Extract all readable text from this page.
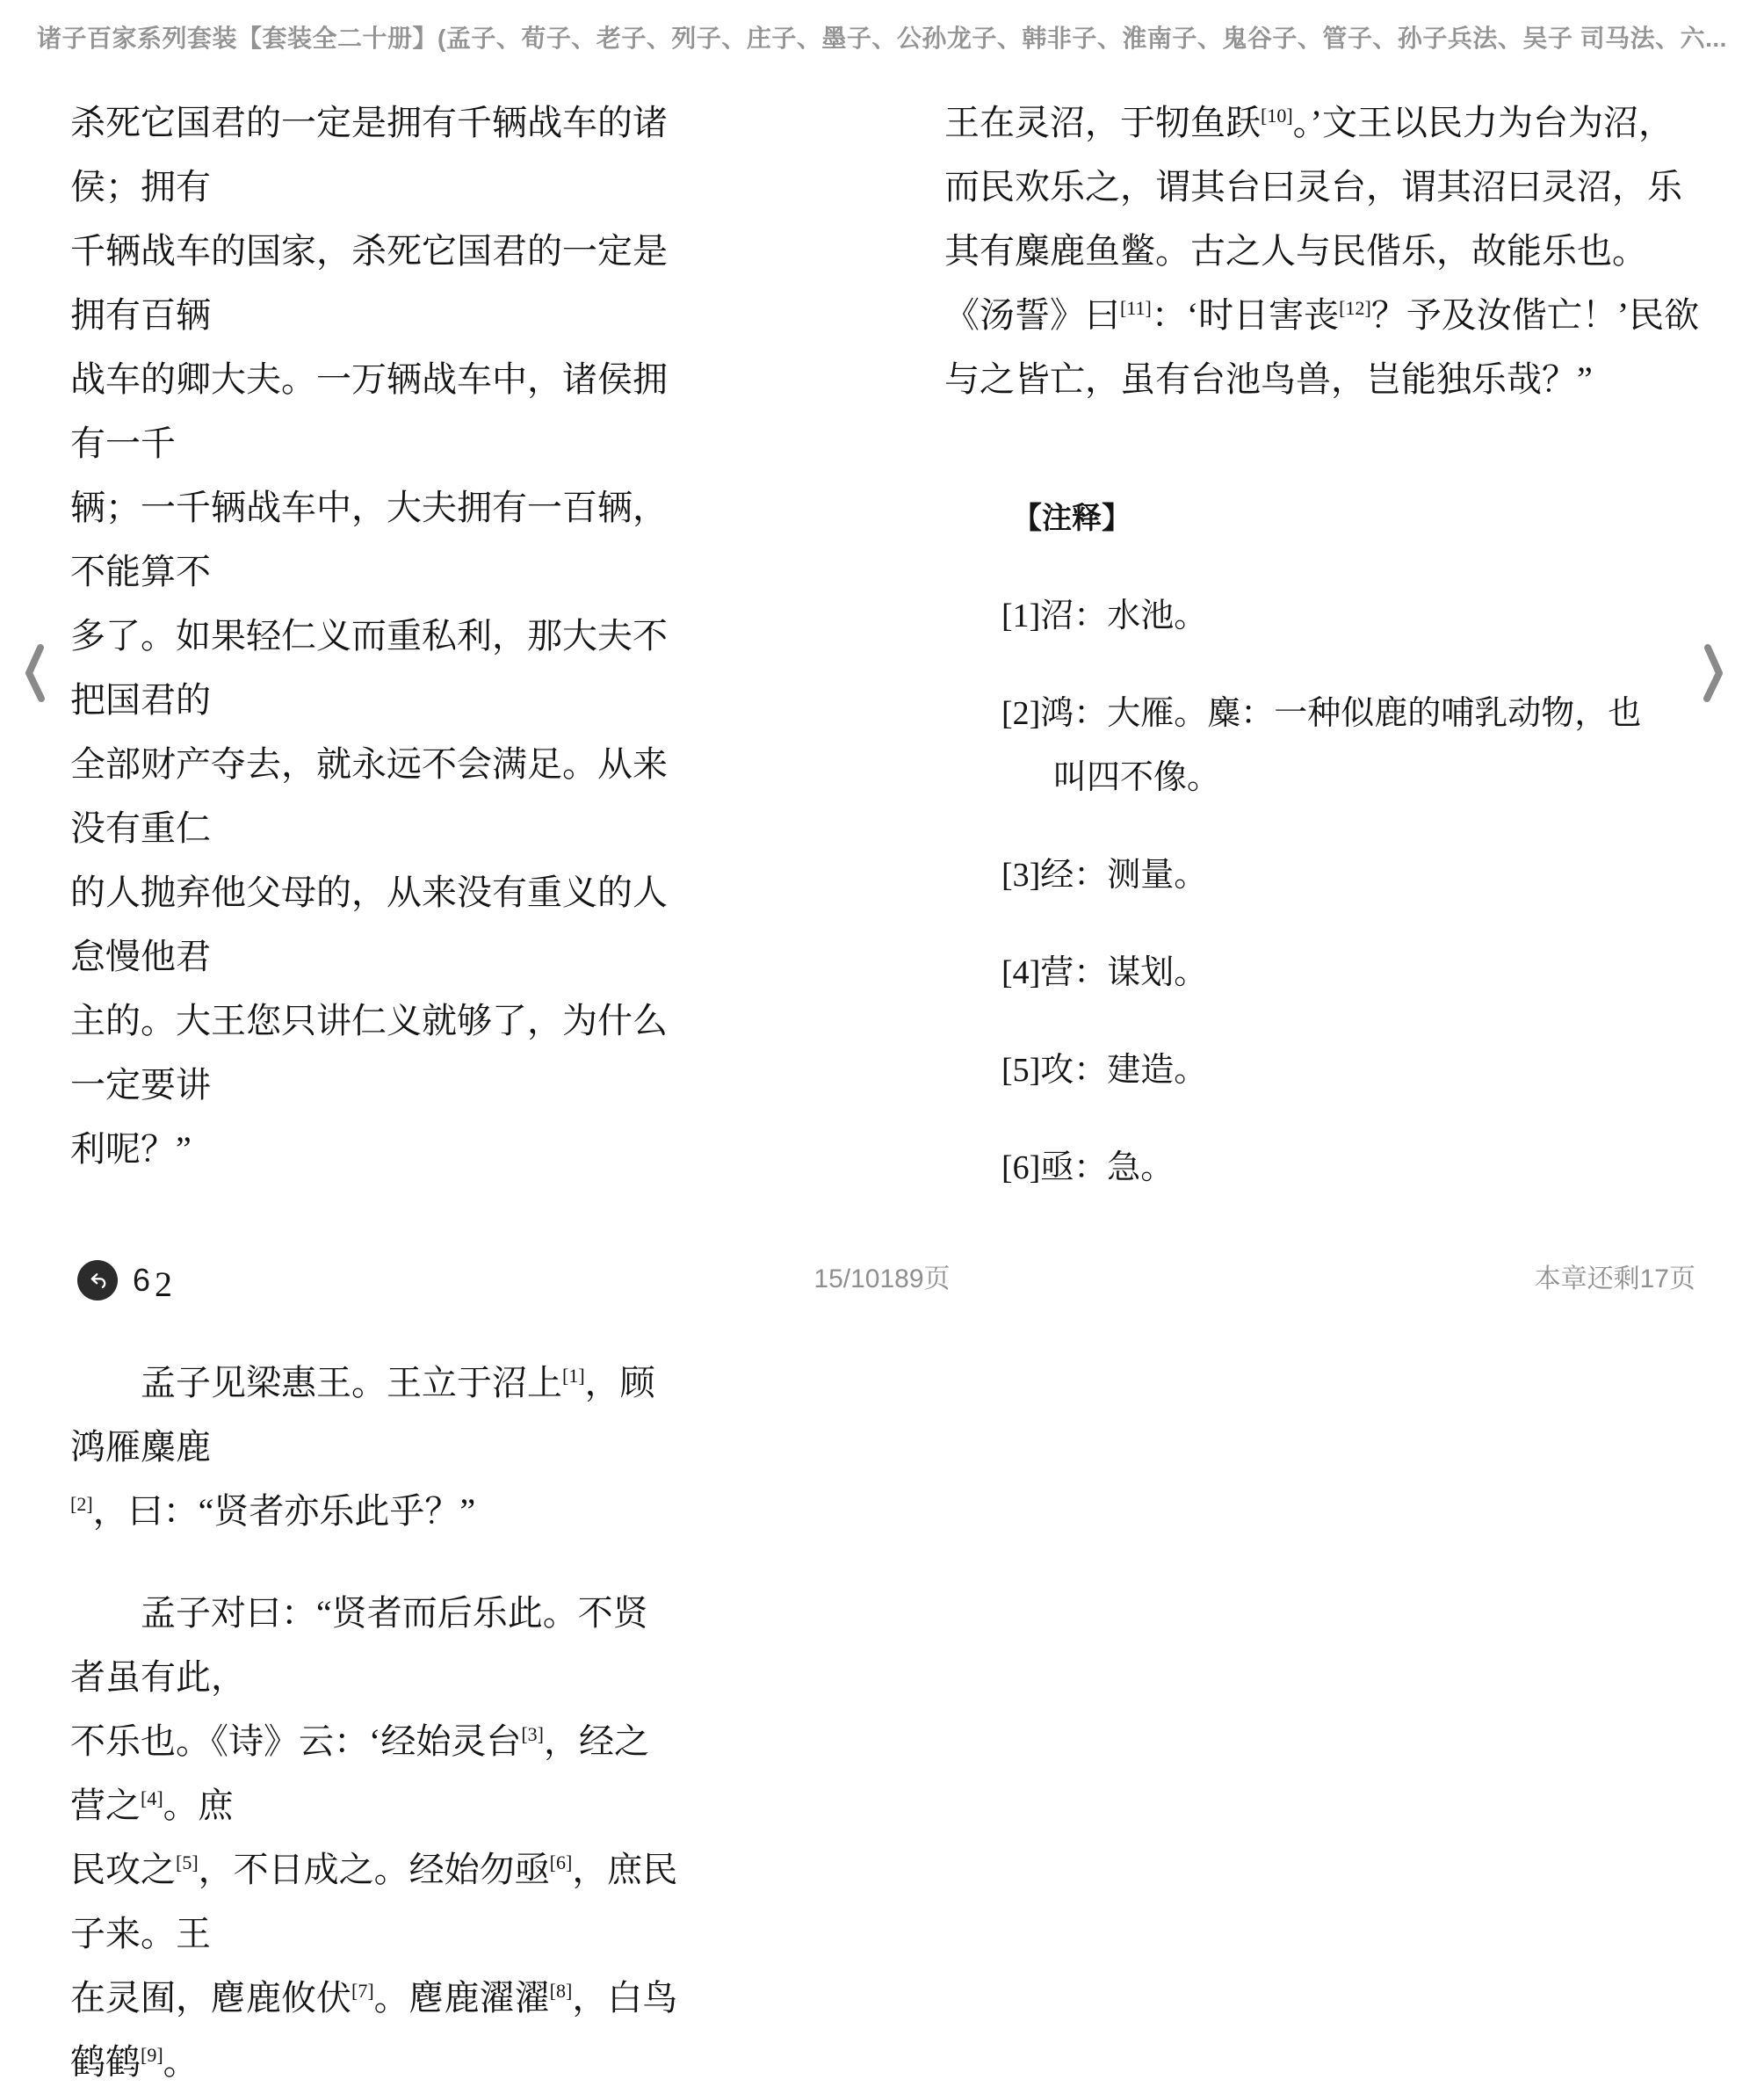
诸子百家系列套装【套装全二十册】(孟子、荀子、老子、列子、庄子、墨子、公孙龙子、韩非子、淮南子、鬼谷子、管子、孙子兵法、吴子 司马法、六...
杀死它国君的一定是拥有千辆战车的诸侯；拥有
千辆战车的国家，杀死它国君的一定是拥有百辆
战车的卿大夫。一万辆战车中，诸侯拥有一千
辆；一千辆战车中，大夫拥有一百辆，不能算不
多了。如果轻仁义而重私利，那大夫不把国君的
全部财产夺去，就永远不会满足。从来没有重仁
的人抛弃他父母的，从来没有重义的人怠慢他君
主的。大王您只讲仁义就够了，为什么一定要讲
利呢？”
2
　　孟子见梁惠王。王立于沼上[1]，顾鸿雁麋鹿
[2]，曰：“贤者亦乐此乎？”
　　孟子对曰：“贤者而后乐此。不贤者虽有此，
不乐也。《诗》云：‘经始灵台[3]，经之营之[4]。庶
民攻之[5]，不日成之。经始勿亟[6]，庶民子来。王
在灵囿，麀鹿攸伏[7]。麀鹿濯濯[8]，白鸟鹤鹤[9]。
王在灵沼，于牣鱼跃[10]。’文王以民力为台为沼，
而民欢乐之，谓其台曰灵台，谓其沼曰灵沼，乐
其有麋鹿鱼鳖。古之人与民偕乐，故能乐也。
《汤誓》曰[11]：‘时日害丧[12]？予及汝偕亡！’民欲
与之皆亡，虽有台池鸟兽，岂能独乐哉？”
【注释】
[1]沼：水池。
[2]鸿：大雁。麋：一种似鹿的哺乳动物，也
叫四不像。
[3]经：测量。
[4]营：谋划。
[5]攻：建造。
[6]亟：急。
6	15/10189页	本章还剩17页
